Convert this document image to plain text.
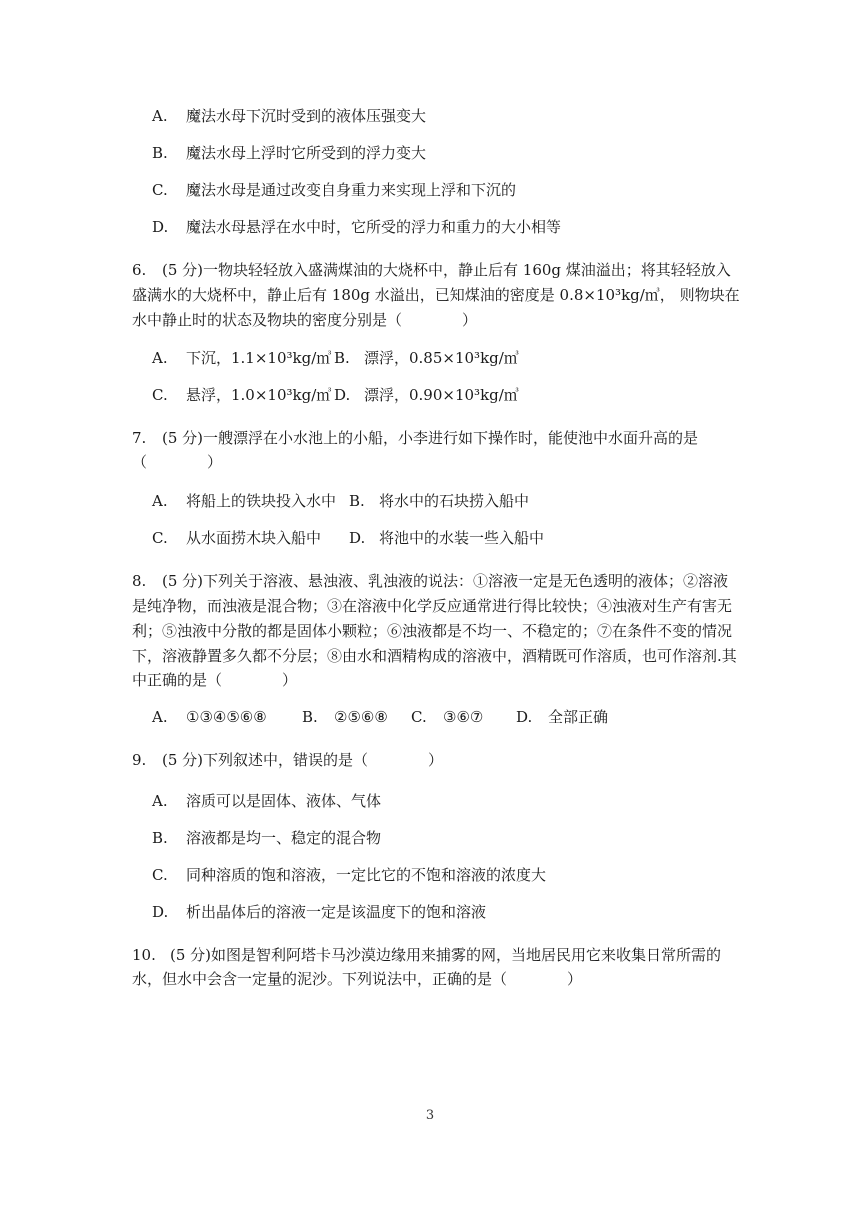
A. 魔法水母下沉时受到的液体压强变大
B. 魔法水母上浮时它所受到的浮力变大
C. 魔法水母是通过改变自身重力来实现上浮和下沉的
D. 魔法水母悬浮在水中时，它所受的浮力和重力的大小相等
6. (5 分)一物块轻轻放入盛满煤油的大烧杯中，静止后有 160g 煤油溢出；将其轻轻放入
盛满水的大烧杯中，静止后有 180g 水溢出，已知煤油的密度是 0.8×10³kg/㎥， 则物块在
水中静止时的状态及物块的密度分别是（　　　　）
A. 下沉，1.1×10³kg/㎥ B. 漂浮，0.85×10³kg/㎥
C. 悬浮，1.0×10³kg/㎥ D. 漂浮，0.90×10³kg/㎥
7. (5 分)一艘漂浮在小水池上的小船，小李进行如下操作时，能使池中水面升高的是
（　　　　）
A. 将船上的铁块投入水中 B. 将水中的石块捞入船中
C. 从水面捞木块入船中 D. 将池中的水装一些入船中
8. (5 分)下列关于溶液、悬浊液、乳浊液的说法：①溶液一定是无色透明的液体；②溶液
是纯净物，而浊液是混合物；③在溶液中化学反应通常进行得比较快；④浊液对生产有害无
利；⑤浊液中分散的都是固体小颗粒；⑥浊液都是不均一、不稳定的；⑦在条件不变的情况
下，溶液静置多久都不分层；⑧由水和酒精构成的溶液中，酒精既可作溶质，也可作溶剂.其
中正确的是（　　　　）
A. ①③④⑤⑥⑧ B. ②⑤⑥⑧ C. ③⑥⑦ D. 全部正确
9. (5 分)下列叙述中，错误的是（　　　　）
A. 溶质可以是固体、液体、气体
B. 溶液都是均一、稳定的混合物
C. 同种溶质的饱和溶液，一定比它的不饱和溶液的浓度大
D. 析出晶体后的溶液一定是该温度下的饱和溶液
10. (5 分)如图是智利阿塔卡马沙漠边缘用来捕雾的网，当地居民用它来收集日常所需的
水，但水中会含一定量的泥沙。下列说法中，正确的是（　　　　）
3
